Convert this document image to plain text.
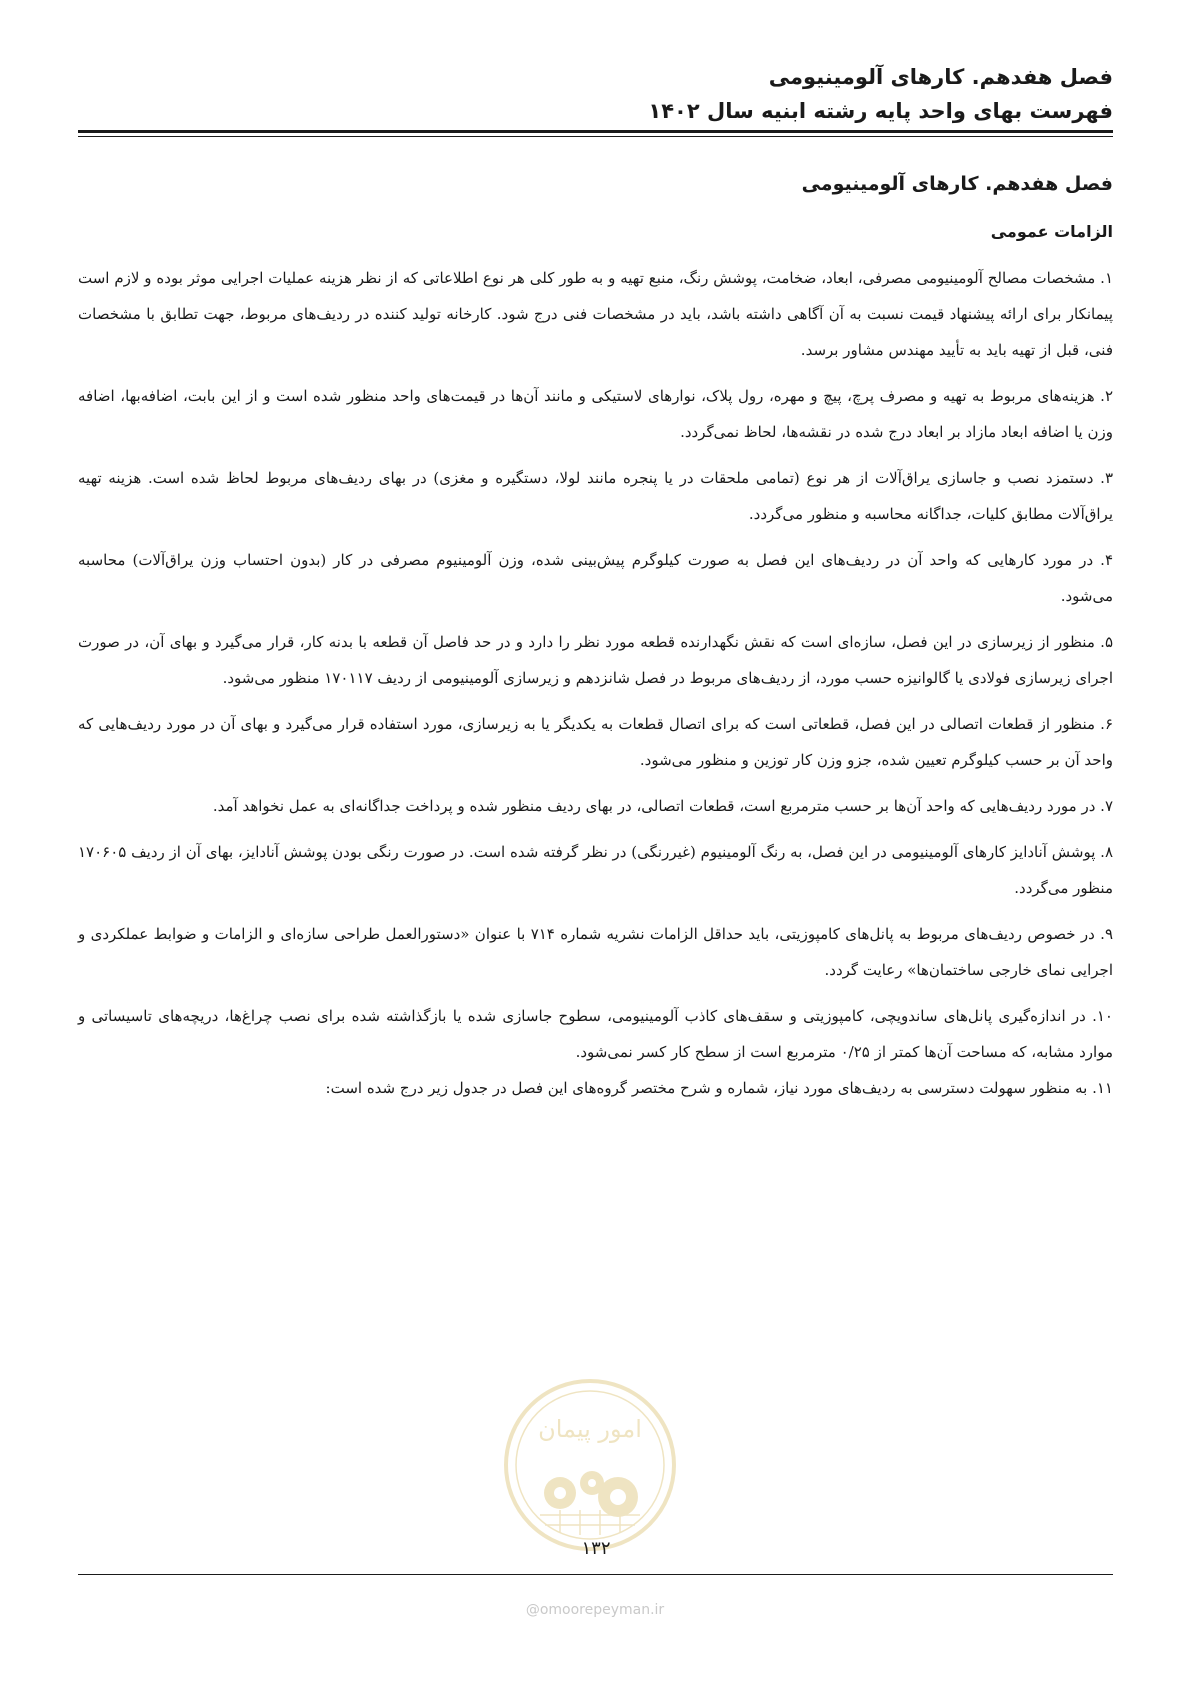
فصل هفدهم. کارهای آلومینیومی
فهرست بهای واحد پایه رشته ابنیه سال ۱۴۰۲
فصل هفدهم. کارهای آلومینیومی
الزامات عمومی

۱. مشخصات مصالح آلومینیومی مصرفی، ابعاد، ضخامت، پوشش رنگ، منبع تهیه و به طور کلی هر نوع اطلاعاتی که از نظر هزینه عملیات اجرایی موثر بوده و لازم است پیمانکار برای ارائه پیشنهاد قیمت نسبت به آن آگاهی داشته باشد، باید در مشخصات فنی درج شود. کارخانه تولید کننده در ردیف‌های مربوط، جهت تطابق با مشخصات فنی، قبل از تهیه باید به تأیید مهندس مشاور برسد.

۲. هزینه‌های مربوط به تهیه و مصرف پرچ، پیچ و مهره، رول پلاک، نوارهای لاستیکی و مانند آن‌ها در قیمت‌های واحد منظور شده است و از این بابت، اضافه‌بها، اضافه وزن یا اضافه ابعاد مازاد بر ابعاد درج شده در نقشه‌ها، لحاظ نمی‌گردد.

۳. دستمزد نصب و جاسازی یراق‌آلات از هر نوع (تمامی ملحقات در یا پنجره مانند لولا، دستگیره و مغزی) در بهای ردیف‌های مربوط لحاظ شده است. هزینه تهیه یراق‌آلات مطابق کلیات، جداگانه محاسبه و منظور می‌گردد.

۴. در مورد کارهایی که واحد آن در ردیف‌های این فصل به صورت کیلوگرم پیش‌بینی شده، وزن آلومینیوم مصرفی در کار (بدون احتساب وزن یراق‌آلات) محاسبه می‌شود.

۵. منظور از زیرسازی در این فصل، سازه‌ای است که نقش نگهدارنده قطعه مورد نظر را دارد و در حد فاصل آن قطعه با بدنه کار، قرار می‌گیرد و بهای آن، در صورت اجرای زیرسازی فولادی یا گالوانیزه حسب مورد، از ردیف‌های مربوط در فصل شانزدهم و زیرسازی آلومینیومی از ردیف ۱۷۰۱۱۷ منظور می‌شود.

۶. منظور از قطعات اتصالی در این فصل، قطعاتی است که برای اتصال قطعات به یکدیگر یا به زیرسازی، مورد استفاده قرار می‌گیرد و بهای آن در مورد ردیف‌هایی که واحد آن بر حسب کیلوگرم تعیین شده، جزو وزن کار توزین و منظور می‌شود.

۷. در مورد ردیف‌هایی که واحد آن‌ها بر حسب مترمربع است، قطعات اتصالی، در بهای ردیف منظور شده و پرداخت جداگانه‌ای به عمل نخواهد آمد.

۸. پوشش آنادایز کارهای آلومینیومی در این فصل، به رنگ آلومینیوم (غیررنگی) در نظر گرفته شده است. در صورت رنگی بودن پوشش آنادایز، بهای آن از ردیف ۱۷۰۶۰۵ منظور می‌گردد.

۹. در خصوص ردیف‌های مربوط به پانل‌های کامپوزیتی، باید حداقل الزامات نشریه شماره ۷۱۴ با عنوان «دستورالعمل طراحی سازه‌ای و الزامات و ضوابط عملکردی و اجرایی نمای خارجی ساختمان‌ها» رعایت گردد.

۱۰. در اندازه‌گیری پانل‌های ساندویچی، کامپوزیتی و سقف‌های کاذب آلومینیومی، سطوح جاسازی شده یا بازگذاشته شده برای نصب چراغ‌ها، دریچه‌های تاسیساتی و موارد مشابه، که مساحت آن‌ها کمتر از ۰/۲۵ مترمربع است از سطح کار کسر نمی‌شود.

۱۱. به منظور سهولت دسترسی به ردیف‌های مورد نیاز، شماره و شرح مختصر گروه‌های این فصل در جدول زیر درج شده است:

امور پیمان
۱۳۲
@omoorepeyman.ir
